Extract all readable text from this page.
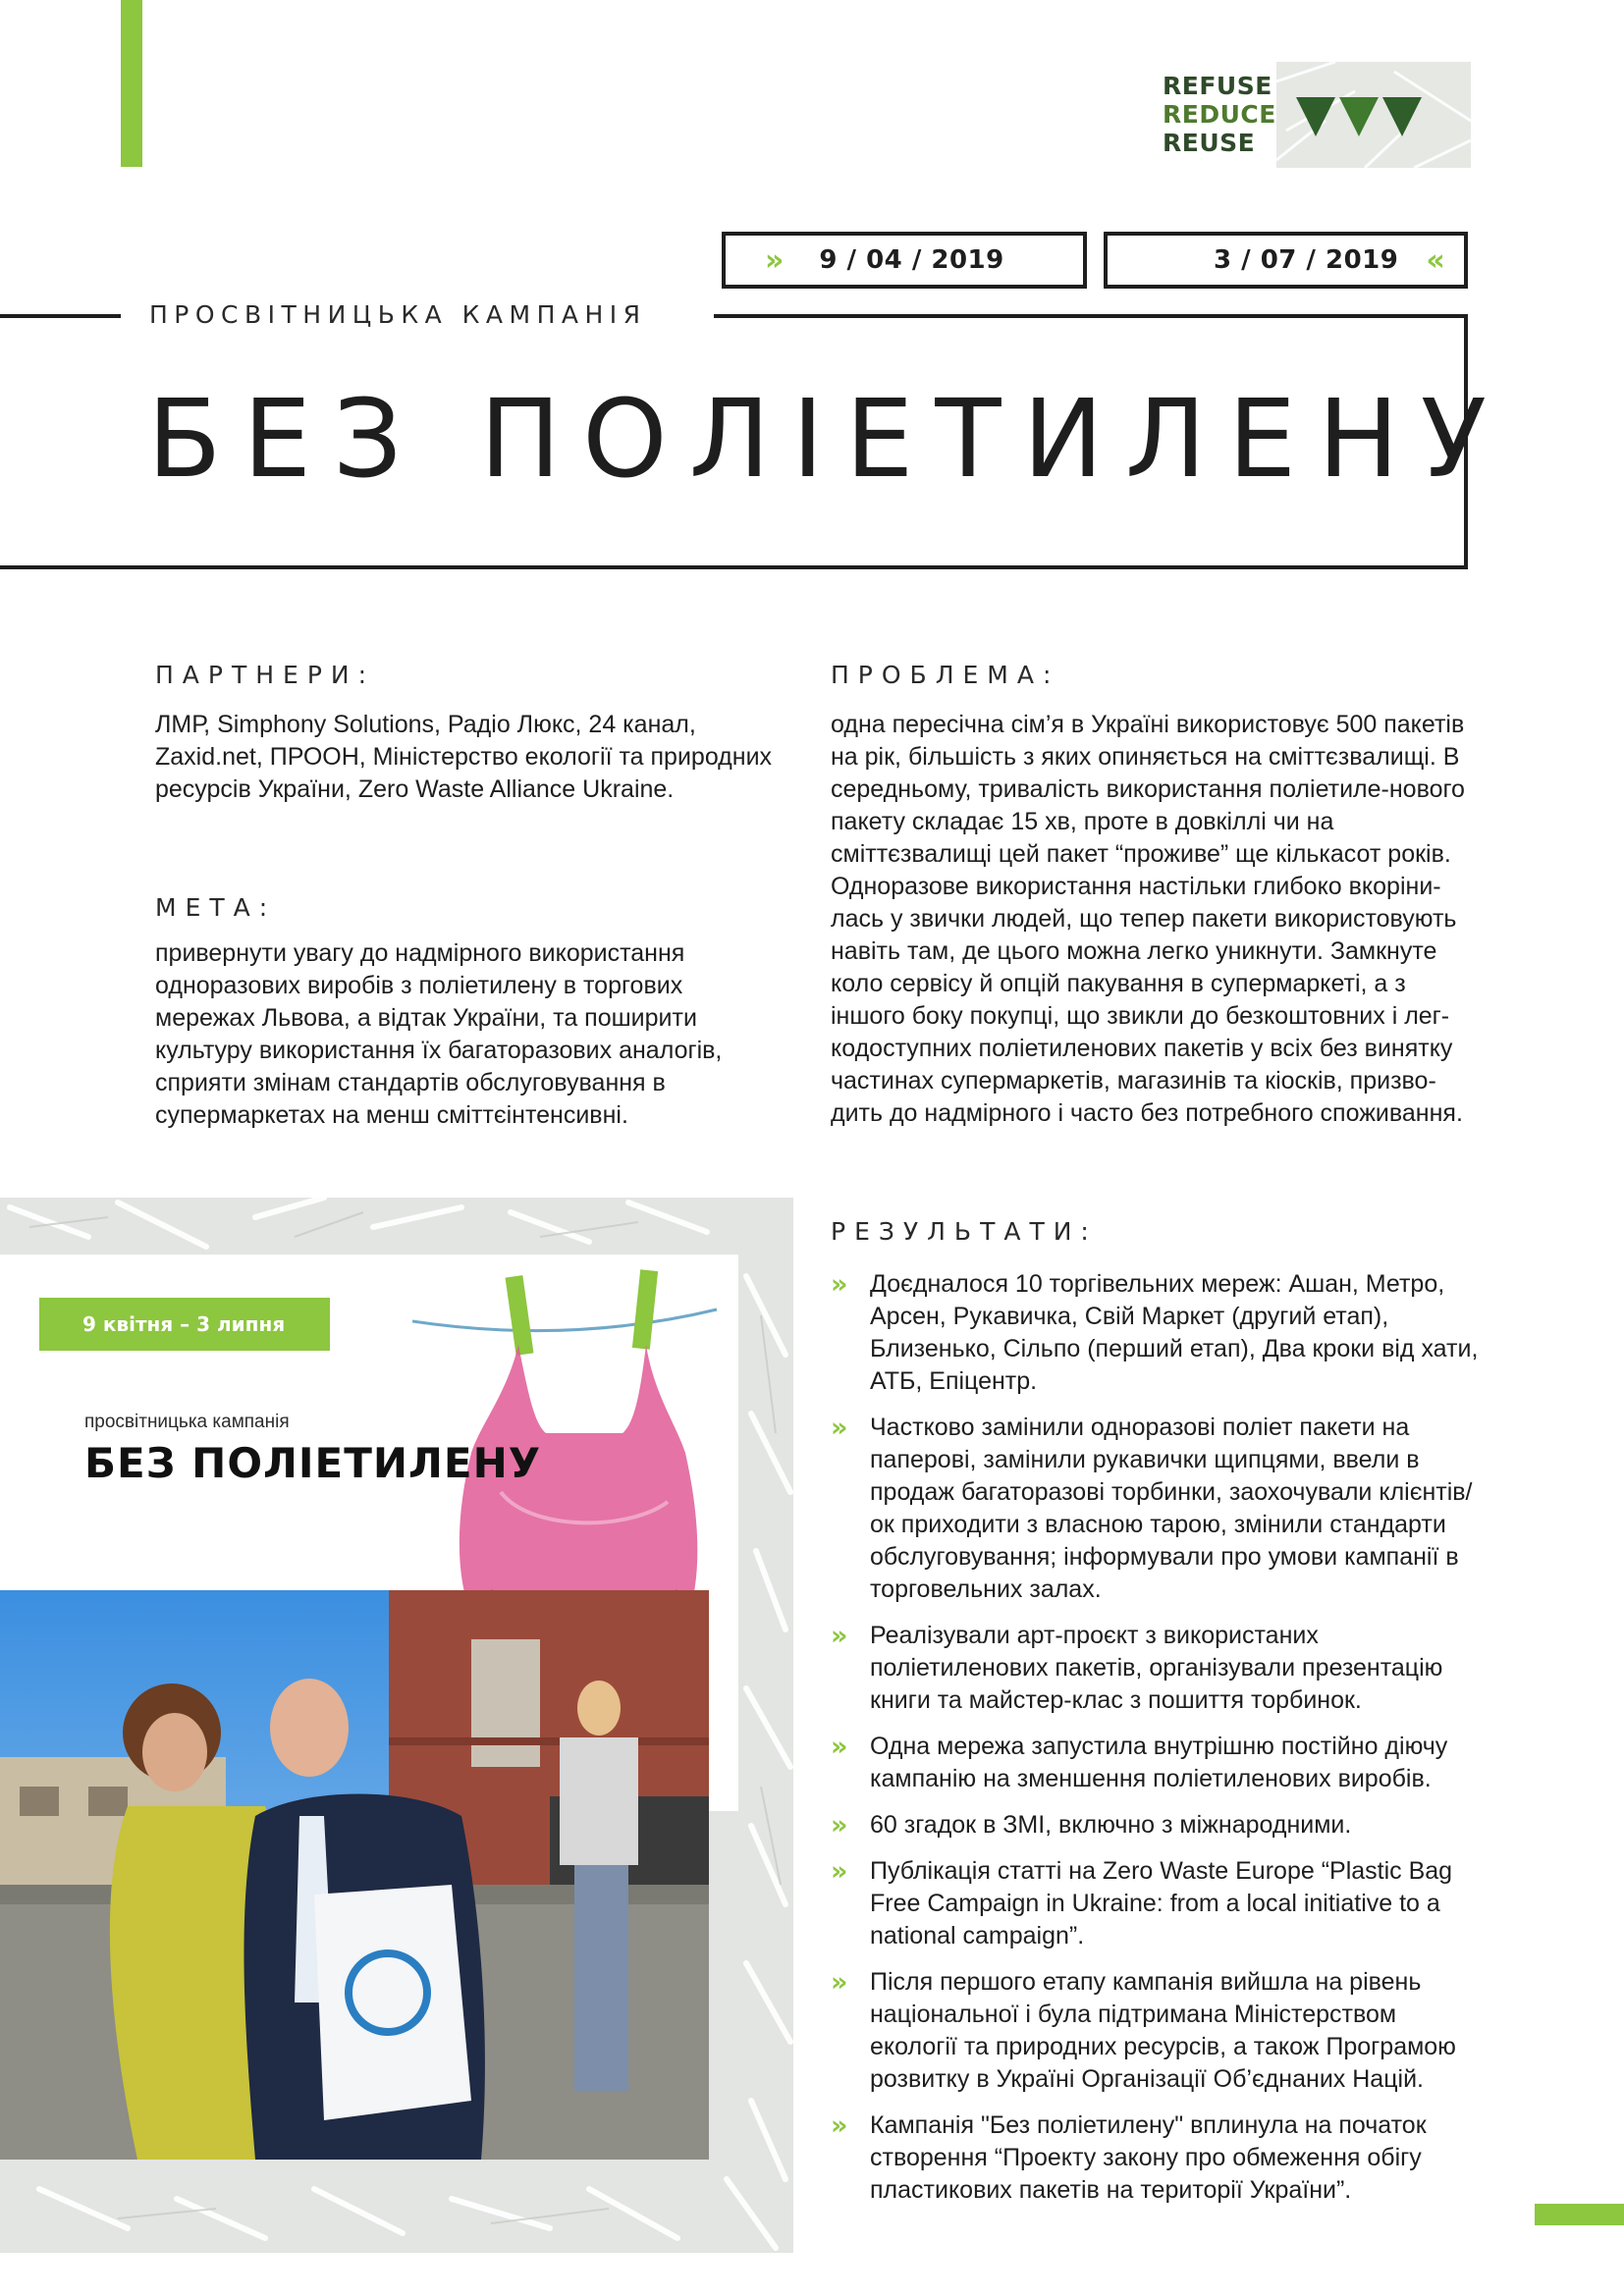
REFUSE
REDUCE
REUSE
» 9 / 04 / 2019	3 / 07 / 2019 «
ПРОСВІТНИЦЬКА КАМПАНІЯ
БЕЗ ПОЛІЕТИЛЕНУ
ПАРТНЕРИ:
ЛМР, Simphony Solutions, Радіо Люкс, 24 канал, Zaxid.net, ПРООН, Міністерство екології та природних ресурсів України, Zero Waste Alliance Ukraine.
МЕТА:
привернути увагу до надмірного використання одноразових виробів з поліетилену в торгових мережах Львова, а відтак України, та поширити культуру використання їх багаторазових аналогів, сприяти змінам стандартів обслуговування в супермаркетах на менш сміттєінтенсивні.
ПРОБЛЕМА:
одна пересічна сім’я в Україні використовує 500 пакетів на рік, більшість з яких опиняється на сміттєзвалищі. В середньому, тривалість використання поліетиле-нового пакету складає 15 хв, проте в довкіллі чи на сміттєзвалищі цей пакет “проживе” ще кількасот років. Одноразове використання настільки глибоко вкоріни-лась у звички людей, що тепер пакети використовують навіть там, де цього можна легко уникнути. Замкнуте коло сервісу й опцій пакування в супермаркеті, а з іншого боку покупці, що звикли до безкоштовних і лег-кодоступних поліетиленових пакетів у всіх без винятку частинах супермаркетів, магазинів та кіосків, призво-дить до надмірного і часто без потребного споживання.
РЕЗУЛЬТАТИ:
» Доєдналося 10 торгівельних мереж: Ашан, Метро, Арсен, Рукавичка, Свій Маркет (другий етап), Близенько, Сільпо (перший етап), Два кроки від хати, АТБ, Епіцентр.
» Частково замінили одноразові поліет пакети на паперові, замінили рукавички щипцями, ввели в продаж багаторазові торбинки, заохочували клієнтів/ок приходити з власною тарою, змінили стандарти обслуговування; інформували про умови кампанії в торговельних залах.
» Реалізували арт-проєкт з використаних поліетиленових пакетів, організували презентацію книги та майстер-клас з пошиття торбинок.
» Одна мережа запустила внутрішню постійно діючу кампанію на зменшення поліетиленових виробів.
» 60 згадок в ЗМІ, включно з міжнародними.
» Публікація статті на Zero Waste Europe “Plastic Bag Free Campaign in Ukraine: from a local initiative to a national campaign”.
» Після першого етапу кампанія вийшла на рівень національної і була підтримана Міністерством екології та природних ресурсів, а також Програмою розвитку в Україні Організації Об’єднаних Націй.
» Кампанія "Без поліетилену" вплинула на початок створення “Проекту закону про обмеження обігу пластикових пакетів на території України”.
9 квітня – 3 липня
просвітницька кампанія
БЕЗ ПОЛІЕТИЛЕНУ
